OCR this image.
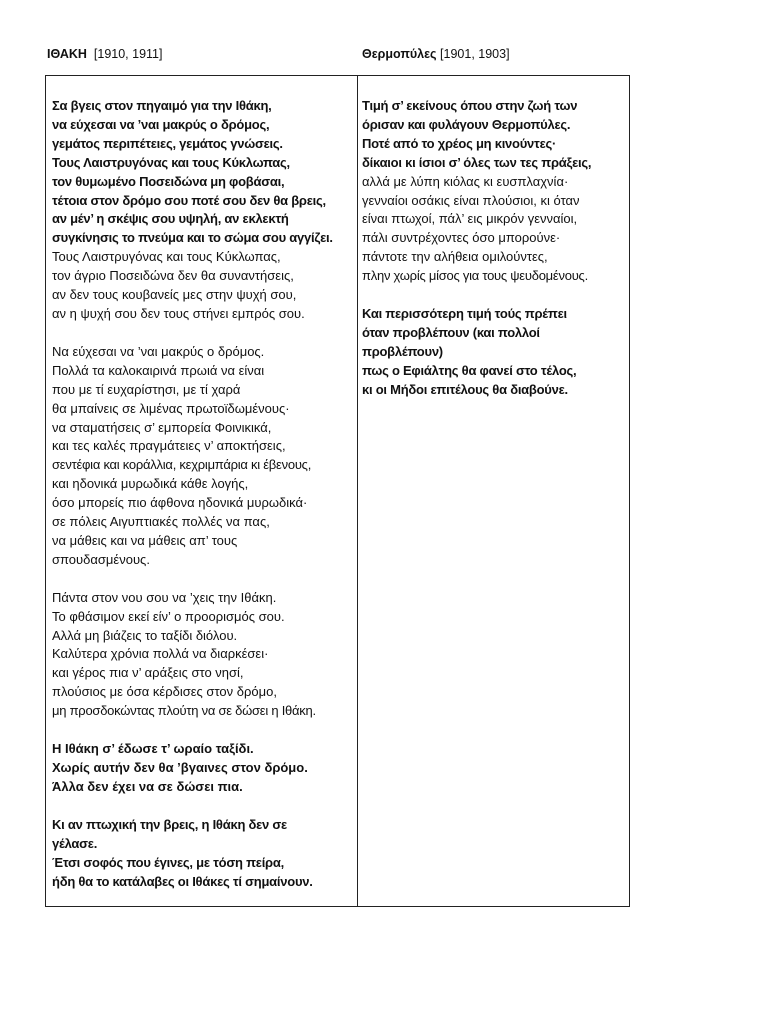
ΙΘΑΚΗ [1910, 1911]	Θερμοπύλες [1901, 1903]
Σα βγεις στον πηγαιμό για την Ιθάκη,
να εύχεσαι να ’ναι μακρύς ο δρόμος,
γεμάτος περιπέτειες, γεμάτος γνώσεις.
Τους Λαιστρυγόνας και τους Κύκλωπας,
τον θυμωμένο Ποσειδώνα μη φοβάσαι,
τέτοια στον δρόμο σου ποτέ σου δεν θα βρεις,
αν μέν’ η σκέψις σου υψηλή, αν εκλεκτή
συγκίνησις το πνεύμα και το σώμα σου αγγίζει.
Τους Λαιστρυγόνας και τους Κύκλωπας,
τον άγριο Ποσειδώνα δεν θα συναντήσεις,
αν δεν τους κουβανείς μες στην ψυχή σου,
αν η ψυχή σου δεν τους στήνει εμπρός σου.
Να εύχεσαι να ’ναι μακρύς ο δρόμος.
Πολλά τα καλοκαιρινά πρωιά να είναι
που με τί ευχαρίστησι, με τί χαρά
θα μπαίνεις σε λιμένας πρωτοϊδωμένους·
να σταματήσεις σ’ εμπορεία Φοινικικά,
και τες καλές πραγμάτειες ν’ αποκτήσεις,
σεντέφια και κοράλλια, κεχριμπάρια κι έβενους,
και ηδονικά μυρωδικά κάθε λογής,
όσο μπορείς πιο άφθονα ηδονικά μυρωδικά·
σε πόλεις Αιγυπτιακές πολλές να πας,
να μάθεις και να μάθεις απ’ τους
σπουδασμένους.
Πάντα στον νου σου να ’χεις την Ιθάκη.
Το φθάσιμον εκεί είν’ ο προορισμός σου.
Αλλά μη βιάζεις το ταξίδι διόλου.
Καλύτερα χρόνια πολλά να διαρκέσει·
και γέρος πια ν’ αράξεις στο νησί,
πλούσιος με όσα κέρδισες στον δρόμο,
μη προσδοκώντας πλούτη να σε δώσει η Ιθάκη.
Η Ιθάκη σ’ έδωσε τ’ ωραίο ταξίδι.
Χωρίς αυτήν δεν θα ’βγαινες στον δρόμο.
Άλλα δεν έχει να σε δώσει πια.
Κι αν πτωχική την βρεις, η Ιθάκη δεν σε
γέλασε.
Έτσι σοφός που έγινες, με τόση πείρα,
ήδη θα το κατάλαβες οι Ιθάκες τί σημαίνουν.
Τιμή σ’ εκείνους όπου στην ζωή των
όρισαν και φυλάγουν Θερμοπύλες.
Ποτέ από το χρέος μη κινούντες·
δίκαιοι κι ίσιοι σ’ όλες των τες πράξεις,
αλλά με λύπη κιόλας κι ευσπλαχνία·
γενναίοι οσάκις είναι πλούσιοι, κι όταν
είναι πτωχοί, πάλ’ εις μικρόν γενναίοι,
πάλι συντρέχοντες όσο μπορούνε·
πάντοτε την αλήθεια ομιλούντες,
πλην χωρίς μίσος για τους ψευδομένους.
Και περισσότερη τιμή τούς πρέπει
όταν προβλέπουν (και πολλοί
προβλέπουν)
πως ο Εφιάλτης θα φανεί στο τέλος,
κι οι Μήδοι επιτέλους θα διαβούνε.
